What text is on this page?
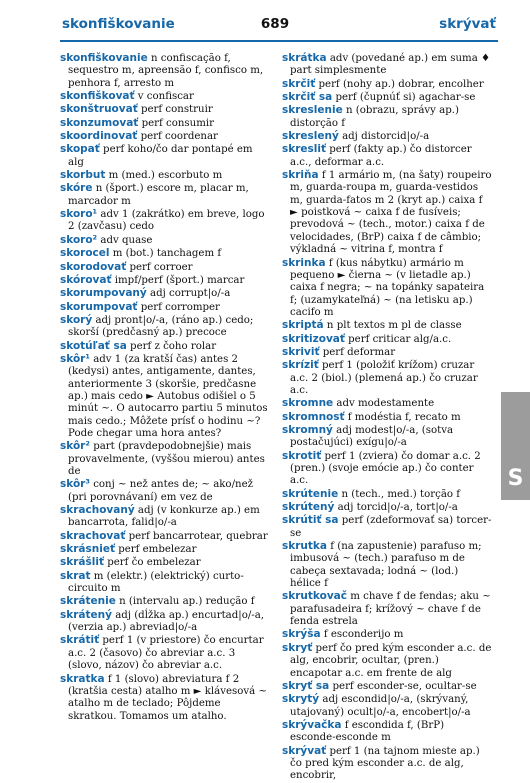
skonfiškovanie	689	skrývať
skonfiškovanie n confiscação f, sequestro m, apreensão f, confisco m, penhora f, arresto m
skonfiškovať v confiscar
skonštruovať perf construir
skonzumovať perf consumir
skoordinovať perf coordenar
skopať perf koho/čo dar pontapé em alg
skorbut m (med.) escorbuto m
skóre n (šport.) escore m, placar m, marcador m
skoro¹ adv 1 (zakrátko) em breve, logo 2 (zavčasu) cedo
skoro² adv quase
skorocel m (bot.) tanchagem f
skorodovať perf corroer
skórovať impf/perf (šport.) marcar
skorumpovaný adj corrupt|o/-a
skorumpovať perf corromper
skorý adj pront|o/-a, (ráno ap.) cedo; skorší (predčasný ap.) precoce
skotúľať sa perf z čoho rolar
skôr¹ adv 1 (za kratší čas) antes 2 (kedysi) antes, antigamente, dantes, anteriormente 3 (skoršie, predčasne ap.) mais cedo ► Autobus odišiel o 5 minút ~. O autocarro partiu 5 minutos mais cedo.; Môžete prísť o hodinu ~? Pode chegar uma hora antes?
skôr² part (pravdepodobnejšie) mais provavelmente, (vyššou mierou) antes de
skôr³ conj ~ než antes de; ~ ako/než (pri porovnávaní) em vez de
skrachovaný adj (v konkurze ap.) em bancarrota, falid|o/-a
skrachovať perf bancarrotear, quebrar
skrásnieť perf embelezar
skrášliť perf čo embelezar
skrat m (elektr.) (elektrický) curto-circuito m
skrátenie n (intervalu ap.) redução f
skrátený adj (dĺžka ap.) encurtad|o/-a, (verzia ap.) abreviad|o/-a
skrátiť perf 1 (v priestore) čo encurtar a.c. 2 (časovo) čo abreviar a.c. 3 (slovo, názov) čo abreviar a.c.
skratka f 1 (slovo) abreviatura f 2 (kratšia cesta) atalho m ► klávesová ~ atalho m de teclado; Pôjdeme skratkou. Tomamos um atalho.
skrátka adv (povedané ap.) em suma ♦ part simplesmente
skrčiť perf (nohy ap.) dobrar, encolher
skrčiť sa perf (čupnúť si) agachar-se
skreslenie n (obrazu, správy ap.) distorção f
skreslený adj distorcid|o/-a
skresliť perf (fakty ap.) čo distorcer a.c., deformar a.c.
skriňa f 1 armário m, (na šaty) roupeiro m, guarda-roupa m, guarda-vestidos m, guarda-fatos m 2 (kryt ap.) caixa f ► poistková ~ caixa f de fusíveis; prevodová ~ (tech., motor.) caixa f de velocidades, (BrP) caixa f de câmbio; výkladná ~ vitrina f, montra f
skrinka f (kus nábytku) armário m pequeno ► čierna ~ (v lietadle ap.) caixa f negra; ~ na topánky sapateira f; (uzamykateľná) ~ (na letisku ap.) cacifo m
skriptá n plt textos m pl de classe
skritizovať perf criticar alg/a.c.
skriviť perf deformar
skríziť perf 1 (položiť krížom) cruzar a.c. 2 (biol.) (plemená ap.) čo cruzar a.c.
skromne adv modestamente
skromnosť f modéstia f, recato m
skromný adj modest|o/-a, (sotva postačujúci) exígu|o/-a
skrotiť perf 1 (zviera) čo domar a.c. 2 (pren.) (svoje emócie ap.) čo conter a.c.
skrútenie n (tech., med.) torção f
skrútený adj torcid|o/-a, tort|o/-a
skrútiť sa perf (zdeformovať sa) torcer-se
skrutka f (na zapustenie) parafuso m; imbusová ~ (tech.) parafuso m de cabeça sextavada; lodná ~ (lod.) hélice f
skrutkovač m chave f de fendas; aku ~ parafusadeira f; krížový ~ chave f de fenda estrela
skrýša f esconderijo m
skryť perf čo pred kým esconder a.c. de alg, encobrir, ocultar, (pren.) encapotar a.c. em frente de alg
skryť sa perf esconder-se, ocultar-se
skrytý adj escondid|o/-a, (skrývaný, utajovaný) ocult|o/-a, encobert|o/-a
skrývačka f escondida f, (BrP) esconde-esconde m
skrývať perf 1 (na tajnom mieste ap.) čo pred kým esconder a.c. de alg, encobrir,
S
